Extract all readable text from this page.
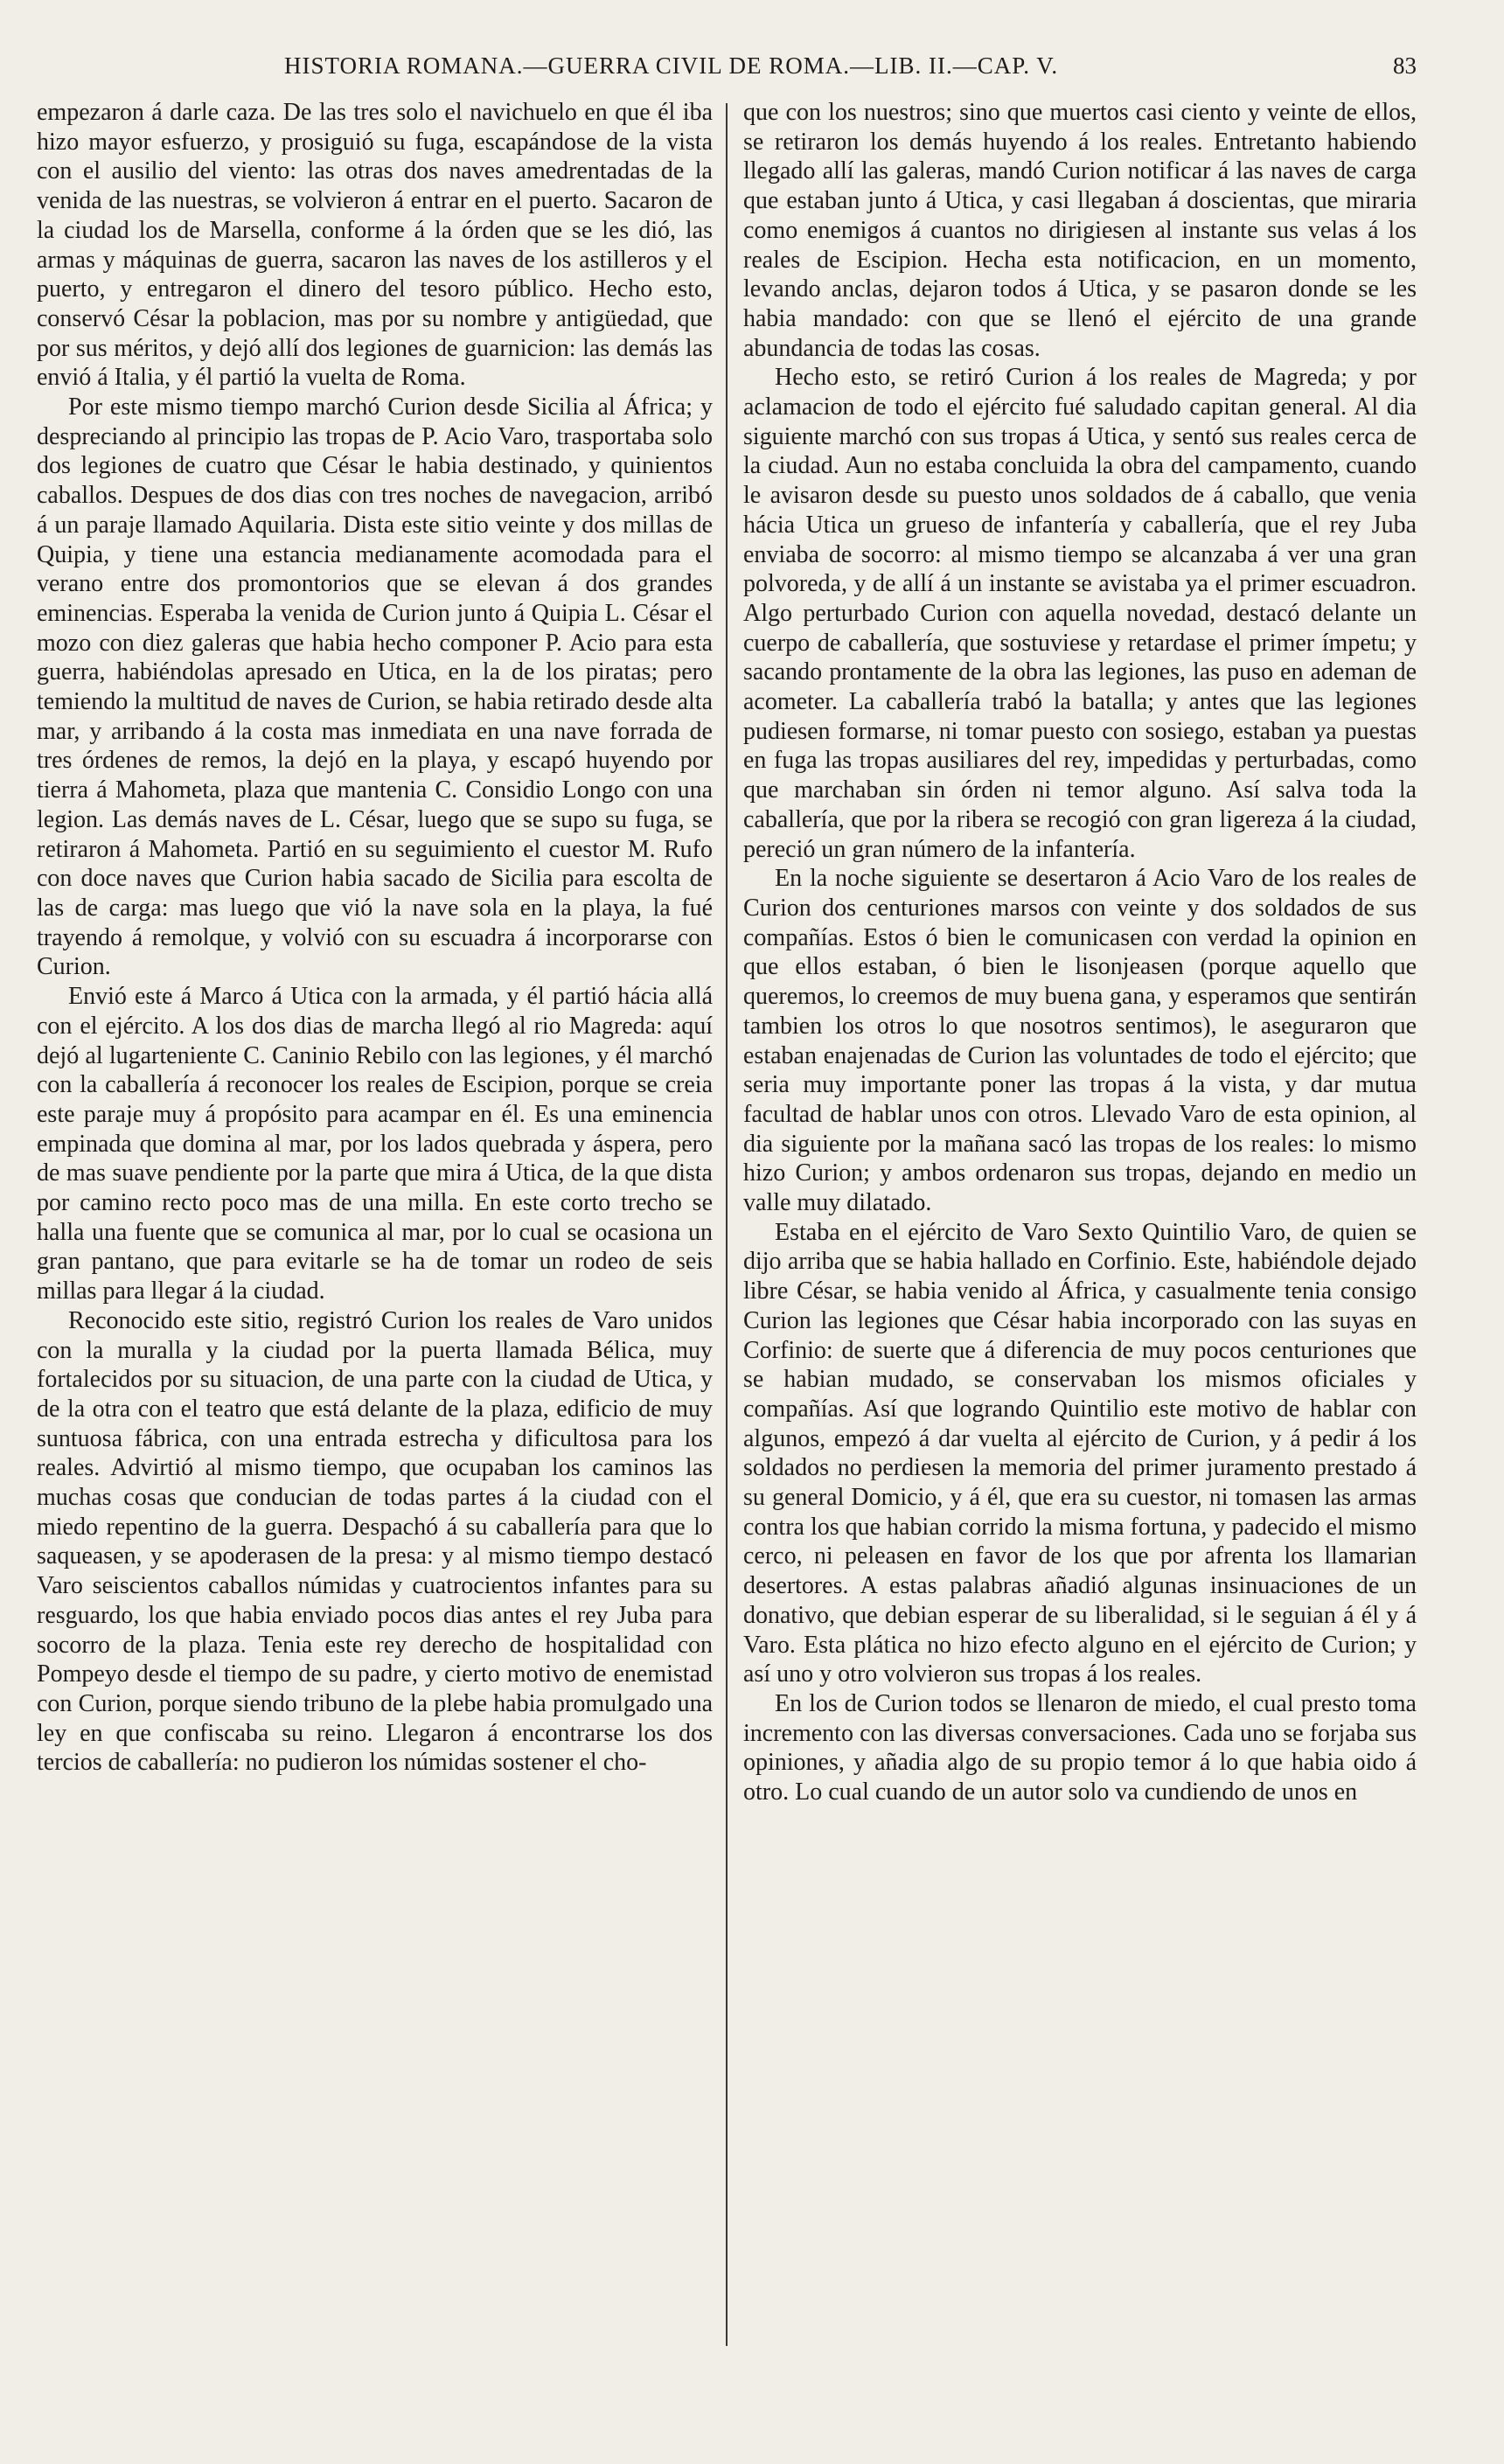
HISTORIA ROMANA.—GUERRA CIVIL DE ROMA.—LIB. II.—CAP. V.	83

empezaron á darle caza. De las tres solo el navichuelo en que él iba hizo mayor esfuerzo, y prosiguió su fuga, escapándose de la vista con el ausilio del viento: las otras dos naves amedrentadas de la venida de las nuestras, se volvieron á entrar en el puerto. Sacaron de la ciudad los de Marsella, conforme á la órden que se les dió, las armas y máquinas de guerra, sacaron las naves de los astilleros y el puerto, y entregaron el dinero del tesoro público. Hecho esto, conservó César la poblacion, mas por su nombre y antigüedad, que por sus méritos, y dejó allí dos legiones de guarnicion: las demás las envió á Italia, y él partió la vuelta de Roma.

Por este mismo tiempo marchó Curion desde Sicilia al África; y despreciando al principio las tropas de P. Acio Varo, trasportaba solo dos legiones de cuatro que César le habia destinado, y quinientos caballos. Despues de dos dias con tres noches de navegacion, arribó á un paraje llamado Aquilaria. Dista este sitio veinte y dos millas de Quipia, y tiene una estancia medianamente acomodada para el verano entre dos promontorios que se elevan á dos grandes eminencias. Esperaba la venida de Curion junto á Quipia L. César el mozo con diez galeras que habia hecho componer P. Acio para esta guerra, habiéndolas apresado en Utica, en la de los piratas; pero temiendo la multitud de naves de Curion, se habia retirado desde alta mar, y arribando á la costa mas inmediata en una nave forrada de tres órdenes de remos, la dejó en la playa, y escapó huyendo por tierra á Mahometa, plaza que mantenia C. Considio Longo con una legion. Las demás naves de L. César, luego que se supo su fuga, se retiraron á Mahometa. Partió en su seguimiento el cuestor M. Rufo con doce naves que Curion habia sacado de Sicilia para escolta de las de carga: mas luego que vió la nave sola en la playa, la fué trayendo á remolque, y volvió con su escuadra á incorporarse con Curion.

Envió este á Marco á Utica con la armada, y él partió hácia allá con el ejército. A los dos dias de marcha llegó al rio Magreda: aquí dejó al lugarteniente C. Caninio Rebilo con las legiones, y él marchó con la caballería á reconocer los reales de Escipion, porque se creia este paraje muy á propósito para acampar en él. Es una eminencia empinada que domina al mar, por los lados quebrada y áspera, pero de mas suave pendiente por la parte que mira á Utica, de la que dista por camino recto poco mas de una milla. En este corto trecho se halla una fuente que se comunica al mar, por lo cual se ocasiona un gran pantano, que para evitarle se ha de tomar un rodeo de seis millas para llegar á la ciudad.

Reconocido este sitio, registró Curion los reales de Varo unidos con la muralla y la ciudad por la puerta llamada Bélica, muy fortalecidos por su situacion, de una parte con la ciudad de Utica, y de la otra con el teatro que está delante de la plaza, edificio de muy suntuosa fábrica, con una entrada estrecha y dificultosa para los reales. Advirtió al mismo tiempo, que ocupaban los caminos las muchas cosas que conducian de todas partes á la ciudad con el miedo repentino de la guerra. Despachó á su caballería para que lo saqueasen, y se apoderasen de la presa: y al mismo tiempo destacó Varo seiscientos caballos númidas y cuatrocientos infantes para su resguardo, los que habia enviado pocos dias antes el rey Juba para socorro de la plaza. Tenia este rey derecho de hospitalidad con Pompeyo desde el tiempo de su padre, y cierto motivo de enemistad con Curion, porque siendo tribuno de la plebe habia promulgado una ley en que confiscaba su reino. Llegaron á encontrarse los dos tercios de caballería: no pudieron los númidas sostener el cho-

que con los nuestros; sino que muertos casi ciento y veinte de ellos, se retiraron los demás huyendo á los reales. Entretanto habiendo llegado allí las galeras, mandó Curion notificar á las naves de carga que estaban junto á Utica, y casi llegaban á doscientas, que miraria como enemigos á cuantos no dirigiesen al instante sus velas á los reales de Escipion. Hecha esta notificacion, en un momento, levando anclas, dejaron todos á Utica, y se pasaron donde se les habia mandado: con que se llenó el ejército de una grande abundancia de todas las cosas.

Hecho esto, se retiró Curion á los reales de Magreda; y por aclamacion de todo el ejército fué saludado capitan general. Al dia siguiente marchó con sus tropas á Utica, y sentó sus reales cerca de la ciudad. Aun no estaba concluida la obra del campamento, cuando le avisaron desde su puesto unos soldados de á caballo, que venia hácia Utica un grueso de infantería y caballería, que el rey Juba enviaba de socorro: al mismo tiempo se alcanzaba á ver una gran polvoreda, y de allí á un instante se avistaba ya el primer escuadron. Algo perturbado Curion con aquella novedad, destacó delante un cuerpo de caballería, que sostuviese y retardase el primer ímpetu; y sacando prontamente de la obra las legiones, las puso en ademan de acometer. La caballería trabó la batalla; y antes que las legiones pudiesen formarse, ni tomar puesto con sosiego, estaban ya puestas en fuga las tropas ausiliares del rey, impedidas y perturbadas, como que marchaban sin órden ni temor alguno. Así salva toda la caballería, que por la ribera se recogió con gran ligereza á la ciudad, pereció un gran número de la infantería.

En la noche siguiente se desertaron á Acio Varo de los reales de Curion dos centuriones marsos con veinte y dos soldados de sus compañías. Estos ó bien le comunicasen con verdad la opinion en que ellos estaban, ó bien le lisonjeasen (porque aquello que queremos, lo creemos de muy buena gana, y esperamos que sentirán tambien los otros lo que nosotros sentimos), le aseguraron que estaban enajenadas de Curion las voluntades de todo el ejército; que seria muy importante poner las tropas á la vista, y dar mutua facultad de hablar unos con otros. Llevado Varo de esta opinion, al dia siguiente por la mañana sacó las tropas de los reales: lo mismo hizo Curion; y ambos ordenaron sus tropas, dejando en medio un valle muy dilatado.

Estaba en el ejército de Varo Sexto Quintilio Varo, de quien se dijo arriba que se habia hallado en Corfinio. Este, habiéndole dejado libre César, se habia venido al África, y casualmente tenia consigo Curion las legiones que César habia incorporado con las suyas en Corfinio: de suerte que á diferencia de muy pocos centuriones que se habian mudado, se conservaban los mismos oficiales y compañías. Así que logrando Quintilio este motivo de hablar con algunos, empezó á dar vuelta al ejército de Curion, y á pedir á los soldados no perdiesen la memoria del primer juramento prestado á su general Domicio, y á él, que era su cuestor, ni tomasen las armas contra los que habian corrido la misma fortuna, y padecido el mismo cerco, ni peleasen en favor de los que por afrenta los llamarian desertores. A estas palabras añadió algunas insinuaciones de un donativo, que debian esperar de su liberalidad, si le seguian á él y á Varo. Esta plática no hizo efecto alguno en el ejército de Curion; y así uno y otro volvieron sus tropas á los reales.

En los de Curion todos se llenaron de miedo, el cual presto toma incremento con las diversas conversaciones. Cada uno se forjaba sus opiniones, y añadia algo de su propio temor á lo que habia oido á otro. Lo cual cuando de un autor solo va cundiendo de unos en
